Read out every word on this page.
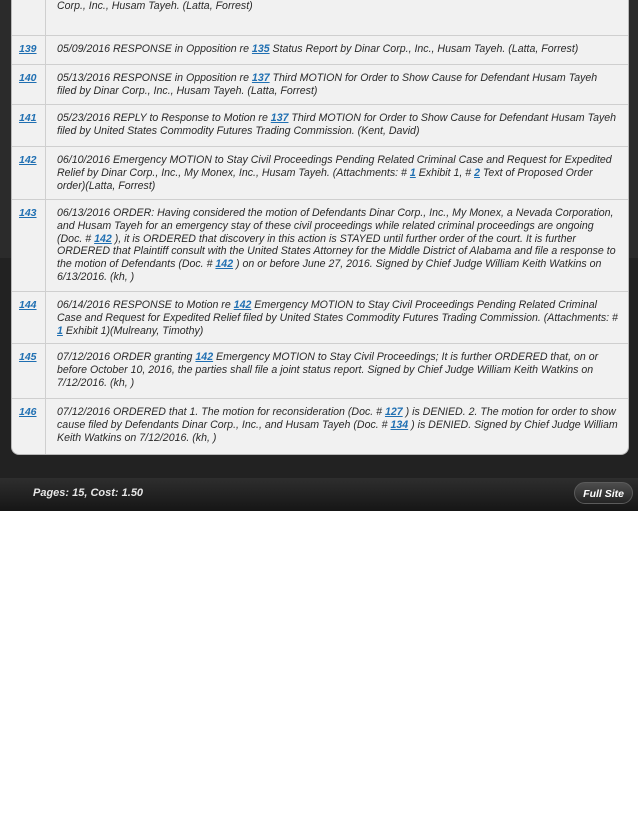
Corp., Inc., Husam Tayeh. (Latta, Forrest)
139	05/09/2016 RESPONSE in Opposition re 135 Status Report by Dinar Corp., Inc., Husam Tayeh. (Latta, Forrest)
140	05/13/2016 RESPONSE in Opposition re 137 Third MOTION for Order to Show Cause for Defendant Husam Tayeh filed by Dinar Corp., Inc., Husam Tayeh. (Latta, Forrest)
141	05/23/2016 REPLY to Response to Motion re 137 Third MOTION for Order to Show Cause for Defendant Husam Tayeh filed by United States Commodity Futures Trading Commission. (Kent, David)
142	06/10/2016 Emergency MOTION to Stay Civil Proceedings Pending Related Criminal Case and Request for Expedited Relief by Dinar Corp., Inc., My Monex, Inc., Husam Tayeh. (Attachments: # 1 Exhibit 1, # 2 Text of Proposed Order order)(Latta, Forrest)
143	06/13/2016 ORDER: Having considered the motion of Defendants Dinar Corp., Inc., My Monex, a Nevada Corporation, and Husam Tayeh for an emergency stay of these civil proceedings while related criminal proceedings are ongoing (Doc. # 142 ), it is ORDERED that discovery in this action is STAYED until further order of the court. It is further ORDERED that Plaintiff consult with the United States Attorney for the Middle District of Alabama and file a response to the motion of Defendants (Doc. # 142 ) on or before June 27, 2016. Signed by Chief Judge William Keith Watkins on 6/13/2016. (kh, )
144	06/14/2016 RESPONSE to Motion re 142 Emergency MOTION to Stay Civil Proceedings Pending Related Criminal Case and Request for Expedited Relief filed by United States Commodity Futures Trading Commission. (Attachments: # 1 Exhibit 1)(Mulreany, Timothy)
145	07/12/2016 ORDER granting 142 Emergency MOTION to Stay Civil Proceedings; It is further ORDERED that, on or before October 10, 2016, the parties shall file a joint status report. Signed by Chief Judge William Keith Watkins on 7/12/2016. (kh, )
146	07/12/2016 ORDERED that 1. The motion for reconsideration (Doc. # 127 ) is DENIED. 2. The motion for order to show cause filed by Defendants Dinar Corp., Inc., and Husam Tayeh (Doc. # 134 ) is DENIED. Signed by Chief Judge William Keith Watkins on 7/12/2016. (kh, )
Pages: 15, Cost: 1.50	Full Site
